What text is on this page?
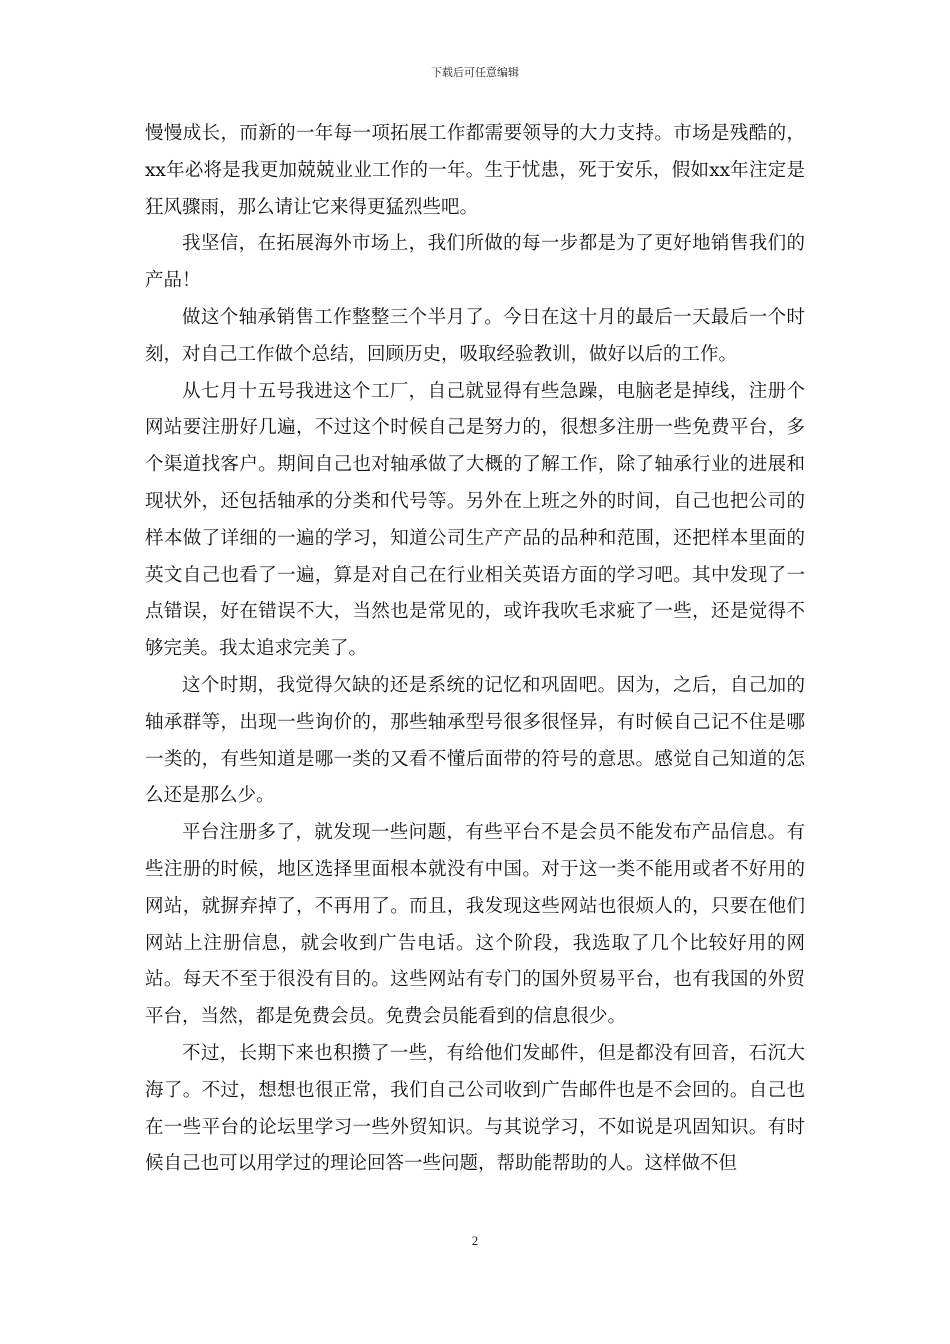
下载后可任意编辑

慢慢成长，而新的一年每一项拓展工作都需要领导的大力支持。市场是残酷的，xx年必将是我更加兢兢业业工作的一年。生于忧患，死于安乐，假如xx年注定是狂风骤雨，那么请让它来得更猛烈些吧。

我坚信，在拓展海外市场上，我们所做的每一步都是为了更好地销售我们的产品！

做这个轴承销售工作整整三个半月了。今日在这十月的最后一天最后一个时刻，对自己工作做个总结，回顾历史，吸取经验教训，做好以后的工作。

从七月十五号我进这个工厂，自己就显得有些急躁，电脑老是掉线，注册个网站要注册好几遍，不过这个时候自己是努力的，很想多注册一些免费平台，多个渠道找客户。期间自己也对轴承做了大概的了解工作，除了轴承行业的进展和现状外，还包括轴承的分类和代号等。另外在上班之外的时间，自己也把公司的样本做了详细的一遍的学习，知道公司生产产品的品种和范围，还把样本里面的英文自己也看了一遍，算是对自己在行业相关英语方面的学习吧。其中发现了一点错误，好在错误不大，当然也是常见的，或许我吹毛求疵了一些，还是觉得不够完美。我太追求完美了。

这个时期，我觉得欠缺的还是系统的记忆和巩固吧。因为，之后，自己加的轴承群等，出现一些询价的，那些轴承型号很多很怪异，有时候自己记不住是哪一类的，有些知道是哪一类的又看不懂后面带的符号的意思。感觉自己知道的怎么还是那么少。

平台注册多了，就发现一些问题，有些平台不是会员不能发布产品信息。有些注册的时候，地区选择里面根本就没有中国。对于这一类不能用或者不好用的网站，就摒弃掉了，不再用了。而且，我发现这些网站也很烦人的，只要在他们网站上注册信息，就会收到广告电话。这个阶段，我选取了几个比较好用的网站。每天不至于很没有目的。这些网站有专门的国外贸易平台，也有我国的外贸平台，当然，都是免费会员。免费会员能看到的信息很少。

不过，长期下来也积攒了一些，有给他们发邮件，但是都没有回音，石沉大海了。不过，想想也很正常，我们自己公司收到广告邮件也是不会回的。自己也在一些平台的论坛里学习一些外贸知识。与其说学习，不如说是巩固知识。有时候自己也可以用学过的理论回答一些问题，帮助能帮助的人。这样做不但

2
